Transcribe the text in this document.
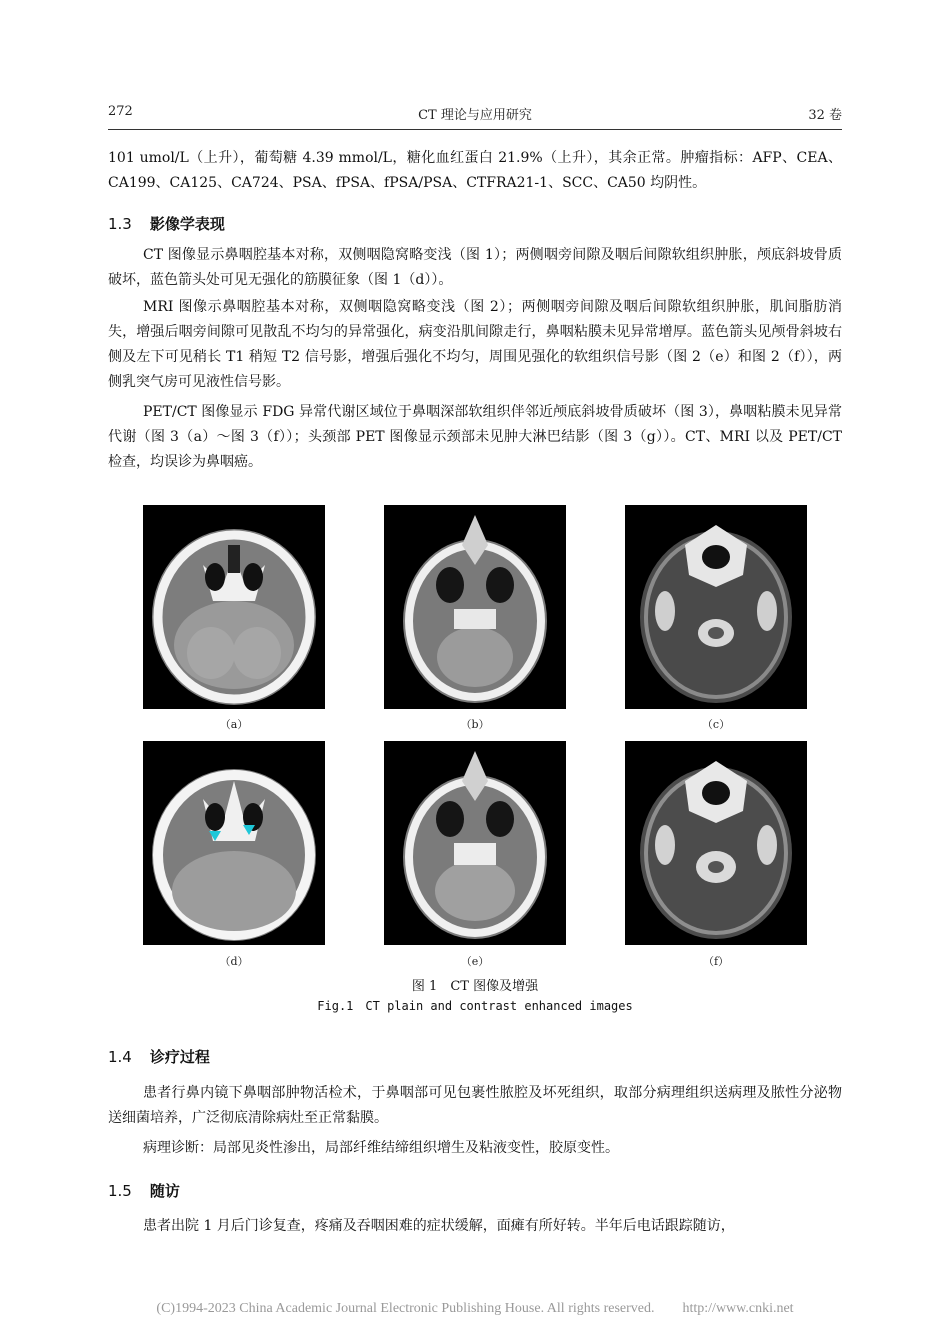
272	CT 理论与应用研究	32 卷

101 umol/L（上升），葡萄糖 4.39 mmol/L，糖化血红蛋白 21.9%（上升），其余正常。肿瘤指标：AFP、CEA、CA199、CA125、CA724、PSA、fPSA、fPSA/PSA、CTFRA21-1、SCC、CA50 均阴性。

1.3 影像学表现

CT 图像显示鼻咽腔基本对称，双侧咽隐窝略变浅（图 1）；两侧咽旁间隙及咽后间隙软组织肿胀，颅底斜坡骨质破坏，蓝色箭头处可见无强化的筋膜征象（图 1（d））。

MRI 图像示鼻咽腔基本对称，双侧咽隐窝略变浅（图 2）；两侧咽旁间隙及咽后间隙软组织肿胀，肌间脂肪消失，增强后咽旁间隙可见散乱不均匀的异常强化，病变沿肌间隙走行，鼻咽粘膜未见异常增厚。蓝色箭头见颅骨斜坡右侧及左下可见稍长 T1 稍短 T2 信号影，增强后强化不均匀，周围见强化的软组织信号影（图 2（e）和图 2（f）），两侧乳突气房可见液性信号影。

PET/CT 图像显示 FDG 异常代谢区域位于鼻咽深部软组织伴邻近颅底斜坡骨质破坏（图 3），鼻咽粘膜未见异常代谢（图 3（a）～图 3（f））；头颈部 PET 图像显示颈部未见肿大淋巴结影（图 3（g））。CT、MRI 以及 PET/CT 检查，均误诊为鼻咽癌。

（a）	（b）	（c）
（d）	（e）	（f）
图 1　CT 图像及增强
Fig.1　CT plain and contrast enhanced images
1.4 诊疗过程

患者行鼻内镜下鼻咽部肿物活检术，于鼻咽部可见包裹性脓腔及坏死组织，取部分病理组织送病理及脓性分泌物送细菌培养，广泛彻底清除病灶至正常黏膜。

病理诊断：局部见炎性渗出，局部纤维结缔组织增生及粘液变性，胶原变性。

1.5 随访

患者出院 1 月后门诊复查，疼痛及吞咽困难的症状缓解，面瘫有所好转。半年后电话跟踪随访，

(C)1994-2023 China Academic Journal Electronic Publishing House. All rights reserved.　　http://www.cnki.net
